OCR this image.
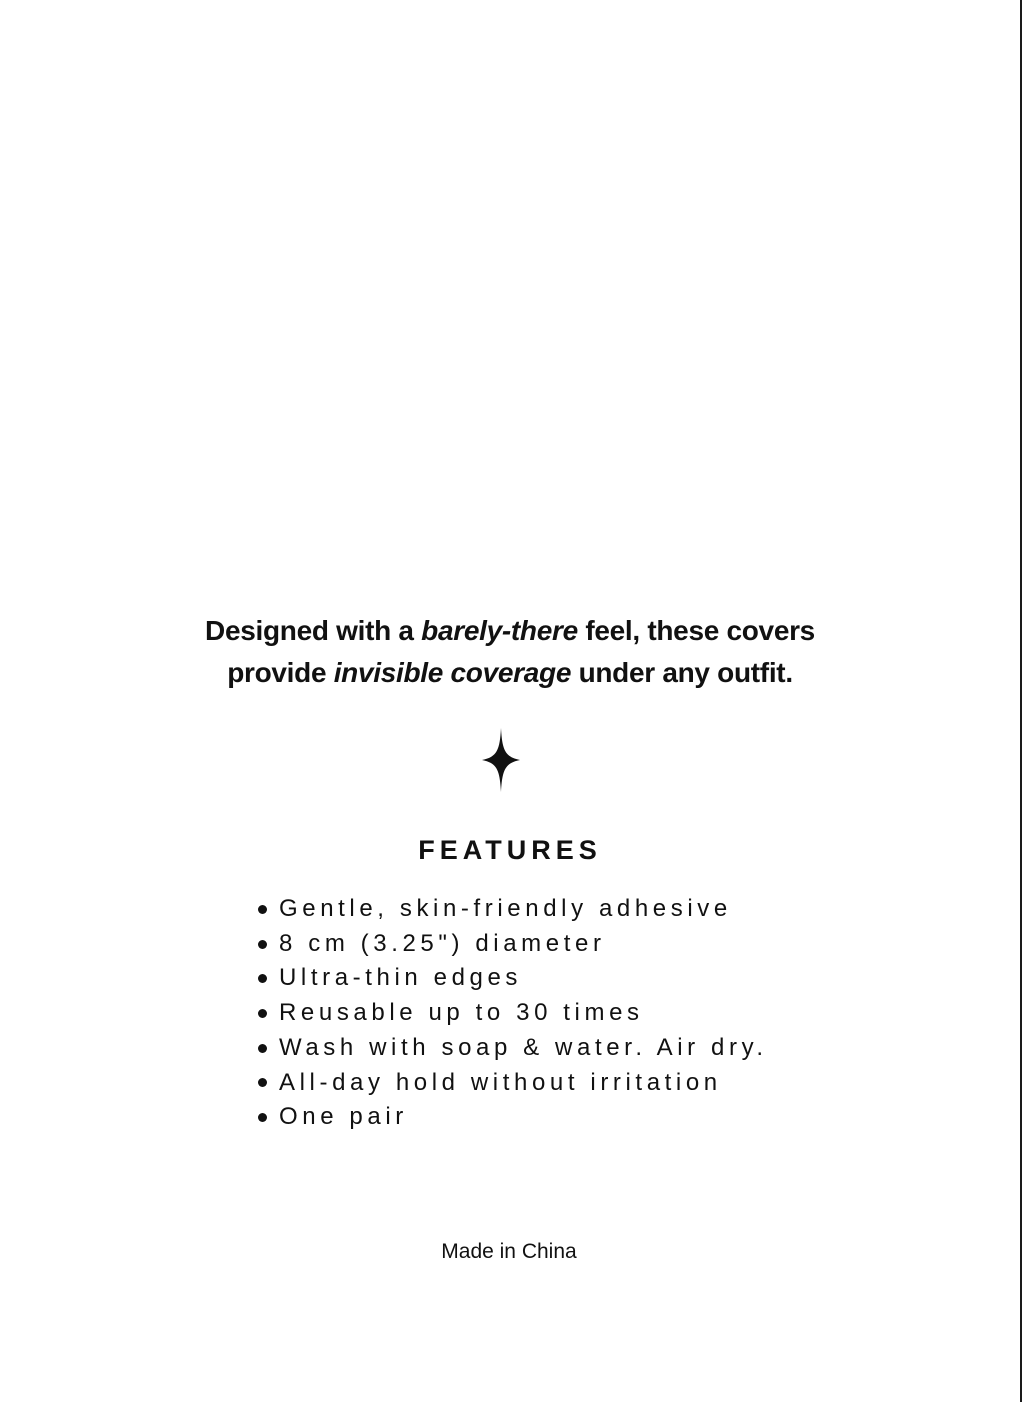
Designed with a barely-there feel, these covers
provide invisible coverage under any outfit.

FEATURES
Gentle, skin-friendly adhesive
8 cm (3.25") diameter
Ultra-thin edges
Reusable up to 30 times
Wash with soap & water. Air dry.
All-day hold without irritation
One pair

Made in China
